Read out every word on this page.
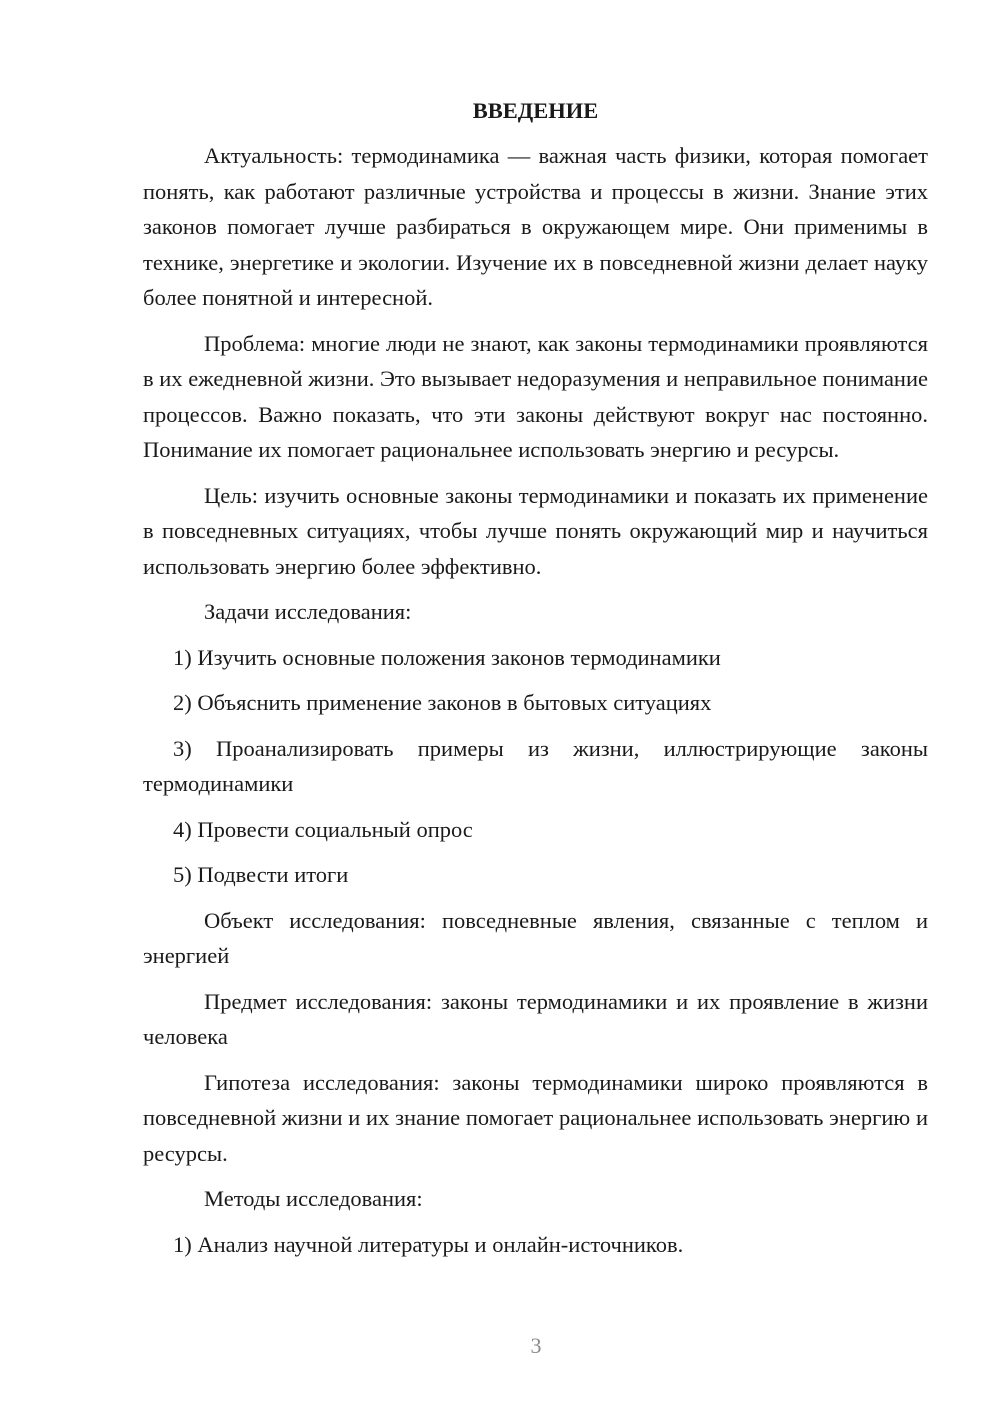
ВВЕДЕНИЕ

Актуальность: термодинамика — важная часть физики, которая помогает понять, как работают различные устройства и процессы в жизни. Знание этих законов помогает лучше разбираться в окружающем мире. Они применимы в технике, энергетике и экологии. Изучение их в повседневной жизни делает науку более понятной и интересной.

Проблема: многие люди не знают, как законы термодинамики проявляются в их ежедневной жизни. Это вызывает недоразумения и неправильное понимание процессов. Важно показать, что эти законы действуют вокруг нас постоянно. Понимание их помогает рациональнее использовать энергию и ресурсы.

Цель: изучить основные законы термодинамики и показать их применение в повседневных ситуациях, чтобы лучше понять окружающий мир и научиться использовать энергию более эффективно.

Задачи исследования:

1) Изучить основные положения законов термодинамики

2) Объяснить применение законов в бытовых ситуациях

3) Проанализировать примеры из жизни, иллюстрирующие законы термодинамики

4) Провести социальный опрос

5) Подвести итоги

Объект исследования: повседневные явления, связанные с теплом и энергией

Предмет исследования: законы термодинамики и их проявление в жизни человека

Гипотеза исследования: законы термодинамики широко проявляются в повседневной жизни и их знание помогает рациональнее использовать энергию и ресурсы.

Методы исследования:

1) Анализ научной литературы и онлайн-источников.

3
